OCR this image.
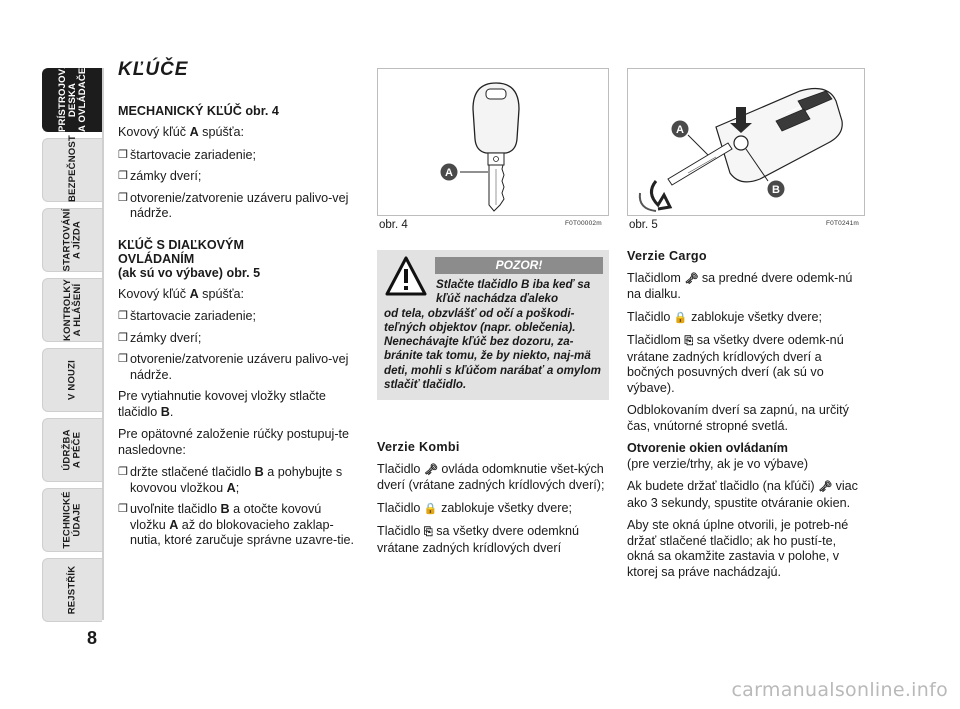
PRÍSTROJOVÁ DESKA A OVLÁDAČE
BEZPEČNOST
STARTOVÁNÍ A JÍZDA
KONTROLKY A HLÁŠENÍ
V NOUZI
ÚDRŽBA A PÉČE
TECHNICKÉ ÚDAJE
REJSTŘÍK
8
KĽÚČE
MECHANICKÝ KĽÚČ obr. 4

Kovový kľúč A spúšťa:

❐ štartovacie zariadenie;
❐ zámky dverí;
❐ otvorenie/zatvorenie uzáveru palivo-vej nádrže.
KĽÚČ S DIAĽKOVÝM
OVLÁDANÍM
(ak sú vo výbave) obr. 5

Kovový kľúč A spúšťa:

❐ štartovacie zariadenie;
❐ zámky dverí;
❐ otvorenie/zatvorenie uzáveru palivo-vej nádrže.

Pre vytiahnutie kovovej vložky stlačte tlačidlo B.

Pre opätovné založenie rúčky postupuj-te nasledovne:

❐ držte stlačené tlačidlo B a pohybujte s kovovou vložkou A;
❐ uvoľnite tlačidlo B a otočte kovovú vložku A až do blokovacieho zaklap-nutia, ktoré zaručuje správne uzavre-tie.
A
obr. 4	F0T00002m
A
B
obr. 5	F0T0241m
POZOR!
Stlačte tlačidlo B iba keď sa kľúč nachádza ďaleko
od tela, obzvlášť od očí a poškodi-teľných objektov (napr. oblečenia). Nenechávajte kľúč bez dozoru, za-bránite tak tomu, že by niekto, naj-mä deti, mohli s kľúčom narábať a omylom stlačiť tlačidlo.
Verzie Kombi

Tlačidlo 🗝 ovláda odomknutie všet-kých dverí (vrátane zadných krídlových dverí);

Tlačidlo 🔒 zablokuje všetky dvere;

Tlačidlo ⎘ sa všetky dvere odemknú vrátane zadných krídlových dverí

Verzie Cargo

Tlačidlom 🗝 sa predné dvere odemk-nú na dialku.

Tlačidlo 🔒 zablokuje všetky dvere;

Tlačidlom ⎘ sa všetky dvere odemk-nú vrátane zadných krídlových dverí a bočných posuvných dverí (ak sú vo výbave).

Odblokovaním dverí sa zapnú, na určitý čas, vnútorné stropné svetlá.

Otvorenie okien ovládaním

(pre verzie/trhy, ak je vo výbave)

Ak budete držať tlačidlo (na kľúči) 🗝 viac ako 3 sekundy, spustite otváranie okien.

Aby ste okná úplne otvorili, je potreb-né držať stlačené tlačidlo; ak ho pustí-te, okná sa okamžite zastavia v polohe, v ktorej sa práve nachádzajú.

carmanualsonline.info
